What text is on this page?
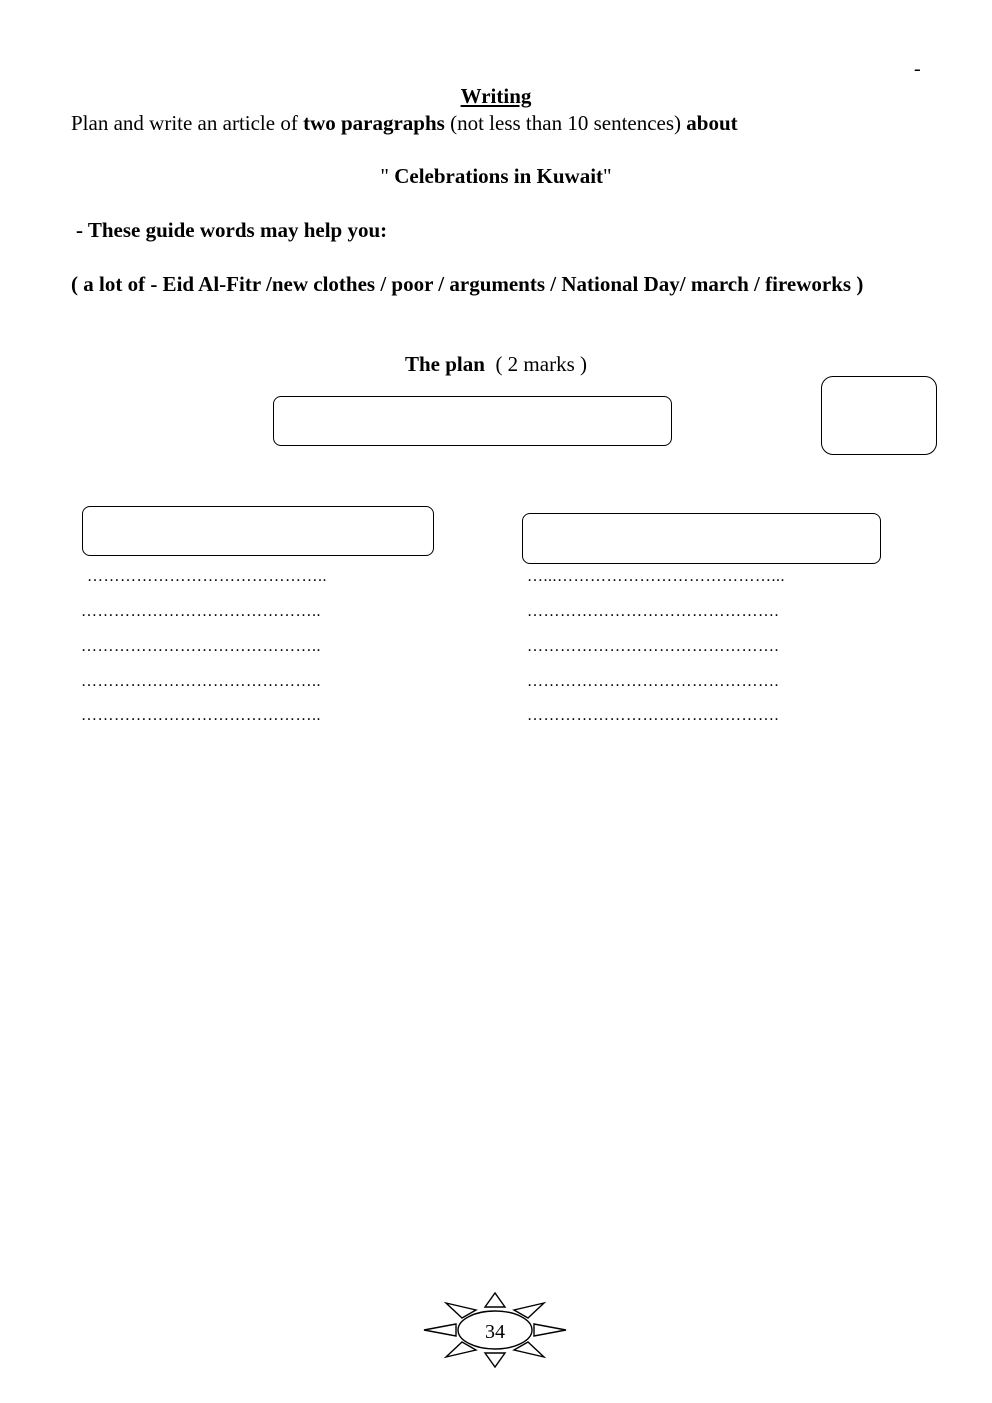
-
Writing
Plan and write an article of two paragraphs (not less than 10 sentences) about
" Celebrations in Kuwait"
- These guide words may help you:
( a lot of - Eid Al-Fitr /new clothes / poor / arguments / National Day/ march / fireworks )
The plan ( 2 marks )
……………………………………..
……………………………………..
……………………………………..
……………………………………..
……………………………………..
…...…………………………………...
……………………………………….
……………………………………….
……………………………………….
……………………………………….
34
